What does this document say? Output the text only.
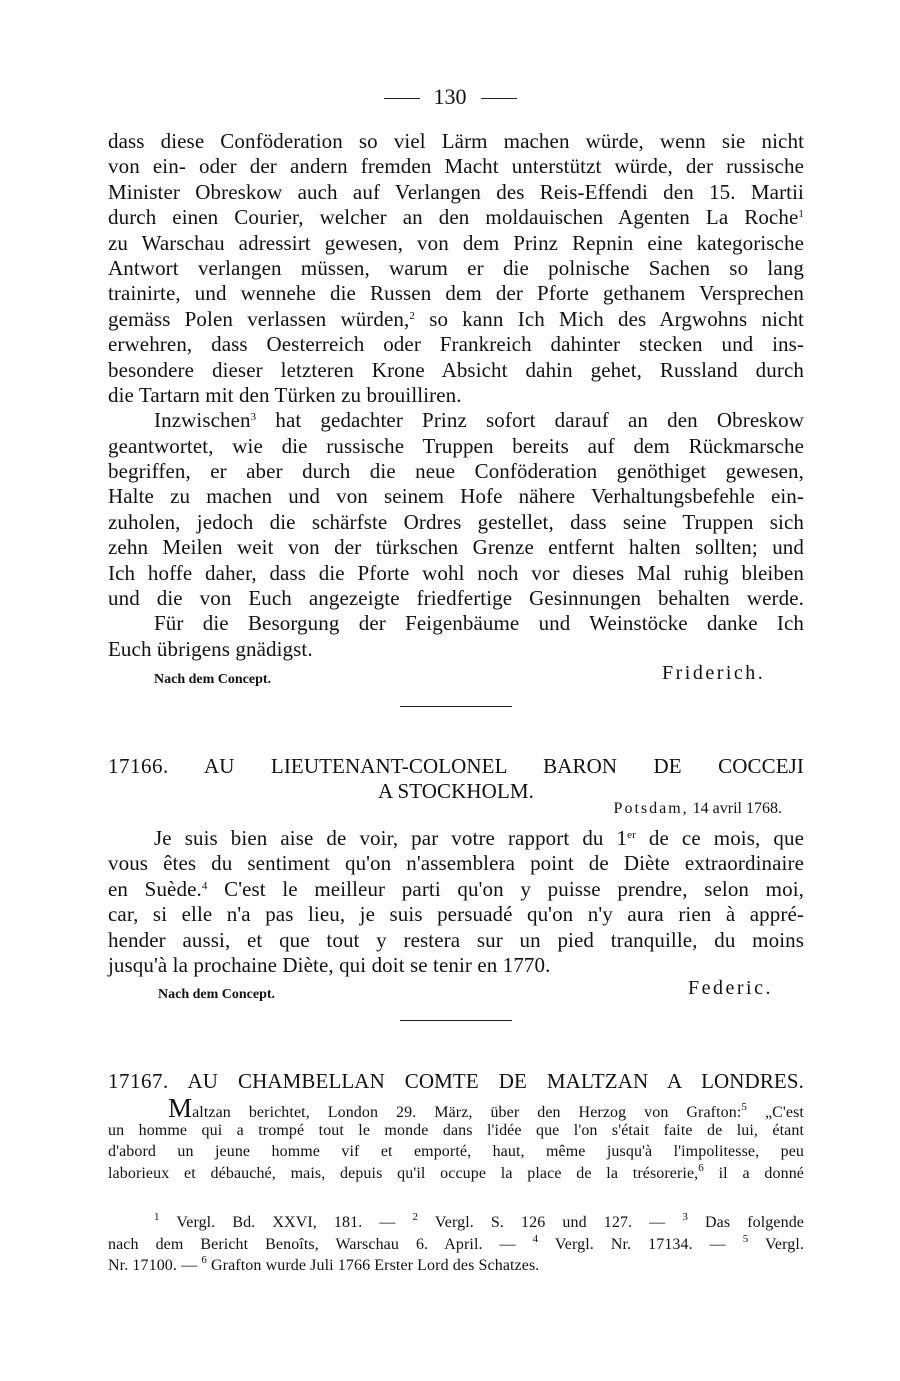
130
dass diese Conföderation so viel Lärm machen würde, wenn sie nicht
von ein- oder der andern fremden Macht unterstützt würde, der russische
Minister Obreskow auch auf Verlangen des Reis-Effendi den 15. Martii
durch einen Courier, welcher an den moldauischen Agenten La Roche$^1$
zu Warschau adressirt gewesen, von dem Prinz Repnin eine kategorische
Antwort verlangen müssen, warum er die polnische Sachen so lang
trainirte, und wennehe die Russen dem der Pforte gethanem Versprechen
gemäss Polen verlassen würden,$^2$ so kann Ich Mich des Argwohns nicht
erwehren, dass Oesterreich oder Frankreich dahinter stecken und ins-
besondere dieser letzteren Krone Absicht dahin gehet, Russland durch
die Tartarn mit den Türken zu brouilliren.
Inzwischen$^3$ hat gedachter Prinz sofort darauf an den Obreskow
geantwortet, wie die russische Truppen bereits auf dem Rückmarsche
begriffen, er aber durch die neue Conföderation genöthiget gewesen,
Halte zu machen und von seinem Hofe nähere Verhaltungsbefehle ein-
zuholen, jedoch die schärfste Ordres gestellet, dass seine Truppen sich
zehn Meilen weit von der türkschen Grenze entfernt halten sollten; und
Ich hoffe daher, dass die Pforte wohl noch vor dieses Mal ruhig bleiben
und die von Euch angezeigte friedfertige Gesinnungen behalten werde.
Für die Besorgung der Feigenbäume und Weinstöcke danke Ich
Euch übrigens gnädigst.
Nach dem Concept.	Friderich.
17166. AU LIEUTENANT-COLONEL BARON DE COCCEJI
A STOCKHOLM.
Potsdam, 14 avril 1768.
Je suis bien aise de voir, par votre rapport du 1er de ce mois, que
vous êtes du sentiment qu'on n'assemblera point de Diète extraordinaire
en Suède.$^4$ C'est le meilleur parti qu'on y puisse prendre, selon moi,
car, si elle n'a pas lieu, je suis persuadé qu'on n'y aura rien à appré-
hender aussi, et que tout y restera sur un pied tranquille, du moins
jusqu'à la prochaine Diète, qui doit se tenir en 1770.
Nach dem Concept.	Federic.
17167. AU CHAMBELLAN COMTE DE MALTZAN A LONDRES.
Maltzan berichtet, London 29. März, über den Herzog von Grafton:$^5$ „C'est
un homme qui a trompé tout le monde dans l'idée que l'on s'était faite de lui, étant
d'abord un jeune homme vif et emporté, haut, même jusqu'à l'impolitesse, peu
laborieux et débauché, mais, depuis qu'il occupe la place de la trésorerie,$^6$ il a donné
$^1$ Vergl. Bd. XXVI, 181. — $^2$ Vergl. S. 126 und 127. — $^3$ Das folgende
nach dem Bericht Benoîts, Warschau 6. April. — $^4$ Vergl. Nr. 17134. — $^5$ Vergl.
Nr. 17100. — $^6$ Grafton wurde Juli 1766 Erster Lord des Schatzes.
